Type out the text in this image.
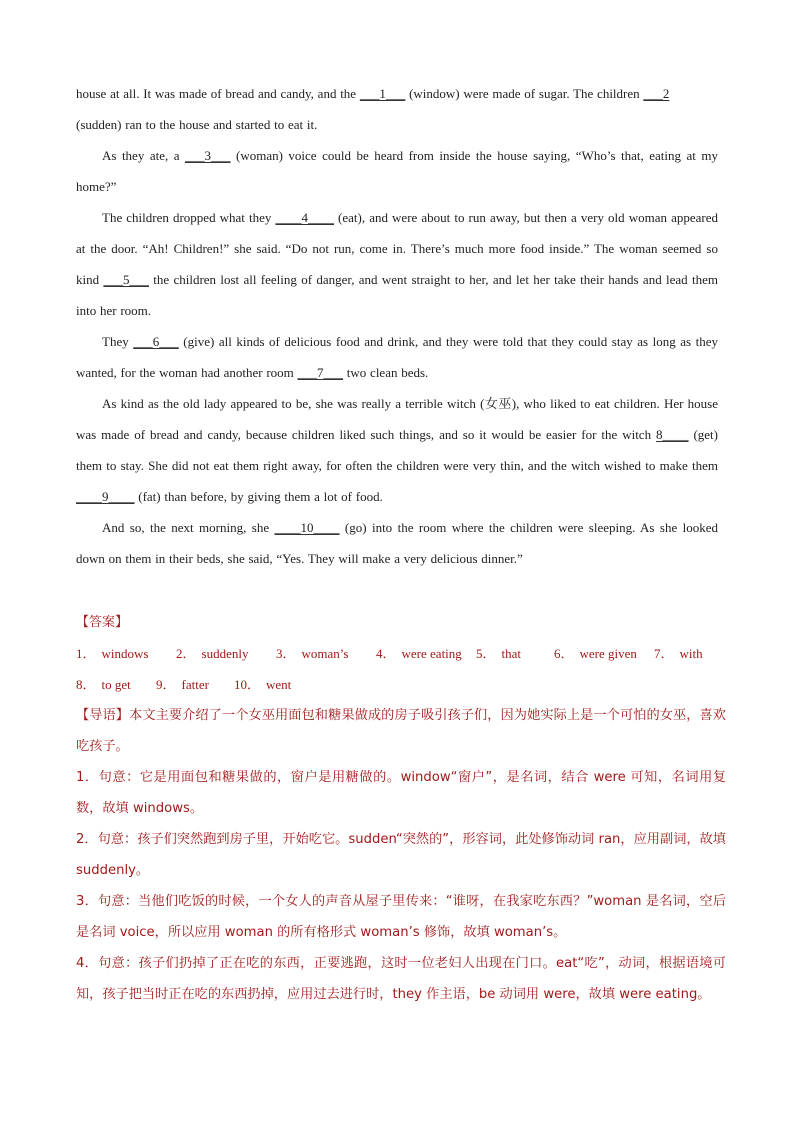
house at all. It was made of bread and candy, and the ___1___ (window) were made of sugar. The children ___2
(sudden) ran to the house and started to eat it.

As they ate, a ___3___ (woman) voice could be heard from inside the house saying, “Who’s that, eating at my home?”

The children dropped what they ____4____ (eat), and were about to run away, but then a very old woman appeared at the door. “Ah! Children!” she said. “Do not run, come in. There’s much more food inside.” The woman seemed so kind ___5___ the children lost all feeling of danger, and went straight to her, and let her take their hands and lead them into her room.

They ___6___ (give) all kinds of delicious food and drink, and they were told that they could stay as long as they wanted, for the woman had another room ___7___ two clean beds.

As kind as the old lady appeared to be, she was really a terrible witch (女巫), who liked to eat children. Her house was made of bread and candy, because children liked such things, and so it would be easier for the witch 8____ (get) them to stay. She did not eat them right away, for often the children were very thin, and the witch wished to make them ____9____ (fat) than before, by giving them a lot of food.

And so, the next morning, she ____10____ (go) into the room where the children were sleeping. As she looked down on them in their beds, she said, “Yes. They will make a very delicious dinner.”

【答案】
1． windows	2． suddenly	3． woman’s	4． were eating	5． that	6． were given	7． with
8． to get	9． fatter	10． went

【导语】本文主要介绍了一个女巫用面包和糖果做成的房子吸引孩子们，因为她实际上是一个可怕的女巫，喜欢吃孩子。

1．句意：它是用面包和糖果做的，窗户是用糖做的。window“窗户”，是名词，结合 were 可知，名词用复数，故填 windows。

2．句意：孩子们突然跑到房子里，开始吃它。sudden“突然的”，形容词，此处修饰动词 ran，应用副词，故填 suddenly。

3．句意：当他们吃饭的时候，一个女人的声音从屋子里传来：“谁呀，在我家吃东西？”woman 是名词，空后是名词 voice，所以应用 woman 的所有格形式 woman’s 修饰，故填 woman’s。

4．句意：孩子们扔掉了正在吃的东西，正要逃跑，这时一位老妇人出现在门口。eat“吃”，动词，根据语境可知，孩子把当时正在吃的东西扔掉，应用过去进行时，they 作主语，be 动词用 were，故填 were eating。
